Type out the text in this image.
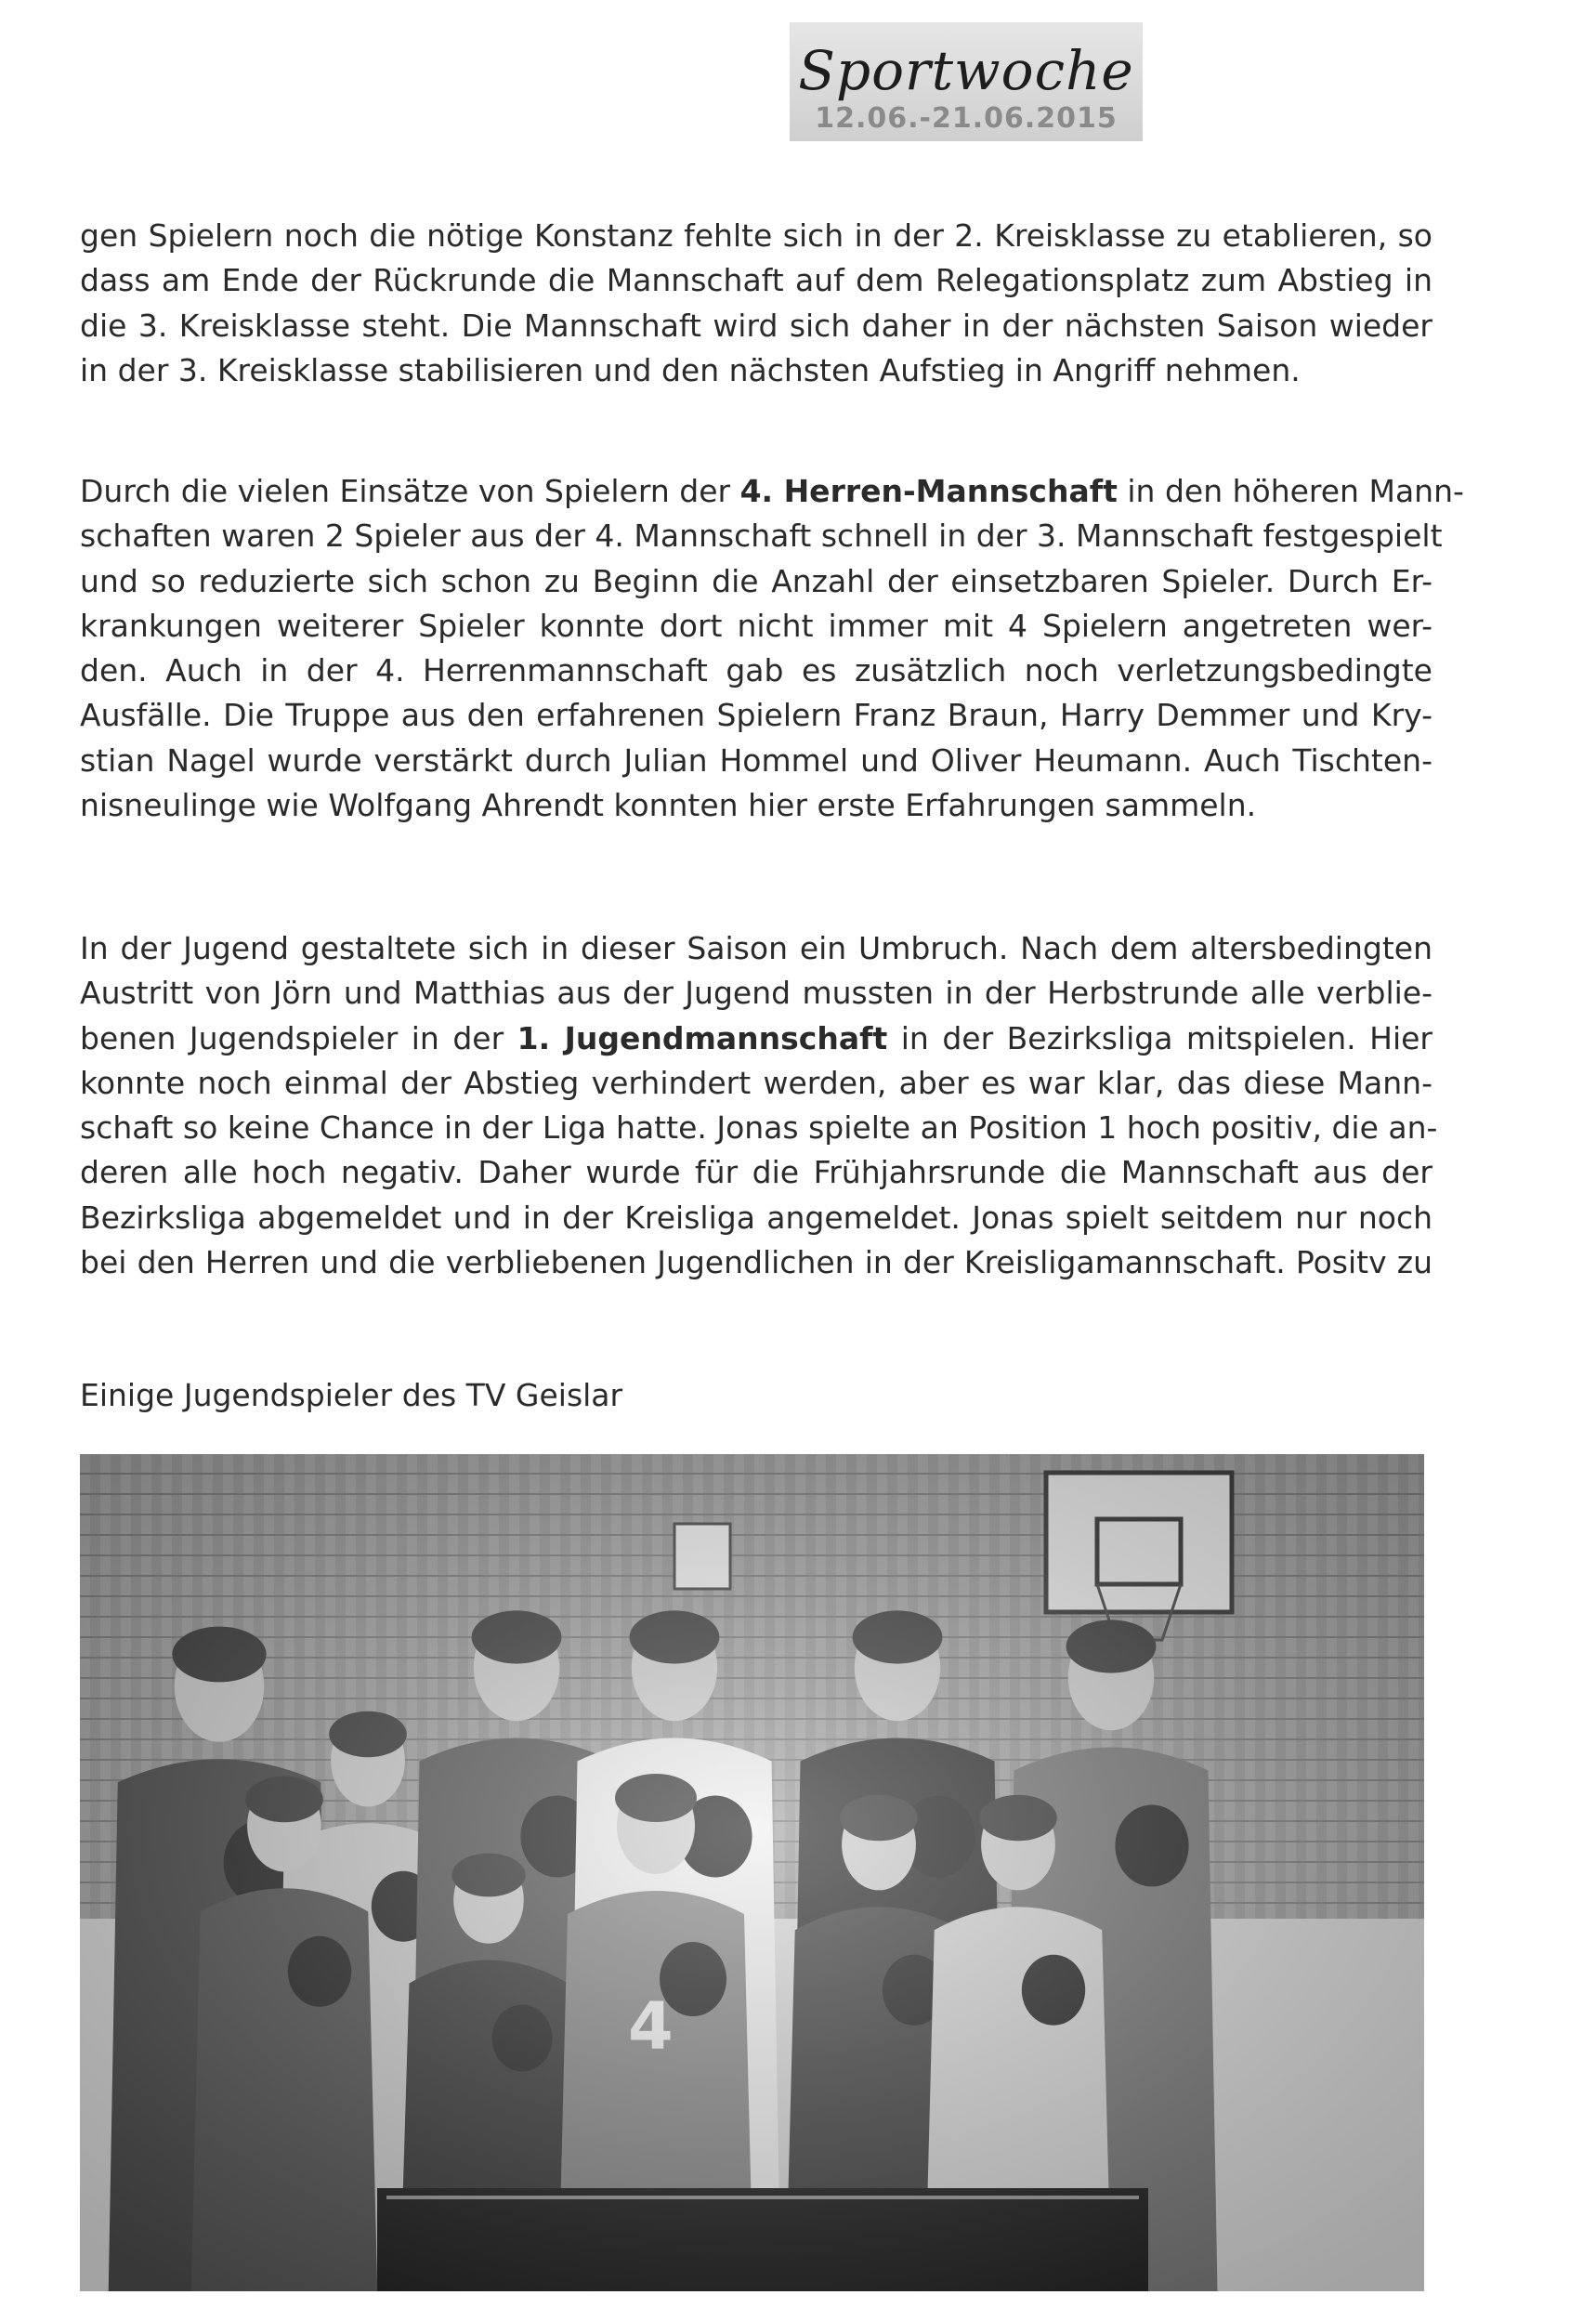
Sportwoche
12.06.-21.06.2015

gen Spielern noch die nötige Konstanz fehlte sich in der 2. Kreisklasse zu etablieren, so

dass am Ende der Rückrunde die Mannschaft auf dem Relegationsplatz zum Abstieg in

die 3. Kreisklasse steht. Die Mannschaft wird sich daher in der nächsten Saison wieder

in der 3. Kreisklasse stabilisieren und den nächsten Aufstieg in Angriff nehmen.

Durch die vielen Einsätze von Spielern der 4. Herren-Mannschaft in den höheren Mann-

schaften waren 2 Spieler aus der 4. Mannschaft schnell in der 3. Mannschaft festgespielt

und so reduzierte sich schon zu Beginn die Anzahl der einsetzbaren Spieler. Durch Er-

krankungen weiterer Spieler konnte dort nicht immer mit 4 Spielern angetreten wer-

den. Auch in der 4. Herrenmannschaft gab es zusätzlich noch verletzungsbedingte

Ausfälle. Die Truppe aus den erfahrenen Spielern Franz Braun, Harry Demmer und Kry-

stian Nagel wurde verstärkt durch Julian Hommel und Oliver Heumann. Auch Tischten-

nisneulinge wie Wolfgang Ahrendt konnten hier erste Erfahrungen sammeln.

In der Jugend gestaltete sich in dieser Saison ein Umbruch. Nach dem altersbedingten

Austritt von Jörn und Matthias aus der Jugend mussten in der Herbstrunde alle verblie-

benen Jugendspieler in der 1. Jugendmannschaft in der Bezirksliga mitspielen. Hier

konnte noch einmal der Abstieg verhindert werden, aber es war klar, das diese Mann-

schaft so keine Chance in der Liga hatte. Jonas spielte an Position 1 hoch positiv, die an-

deren alle hoch negativ. Daher wurde für die Frühjahrsrunde die Mannschaft aus der

Bezirksliga abgemeldet und in der Kreisliga angemeldet. Jonas spielt seitdem nur noch

bei den Herren und die verbliebenen Jugendlichen in der Kreisligamannschaft. Positv zu

Einige Jugendspieler des TV Geislar
